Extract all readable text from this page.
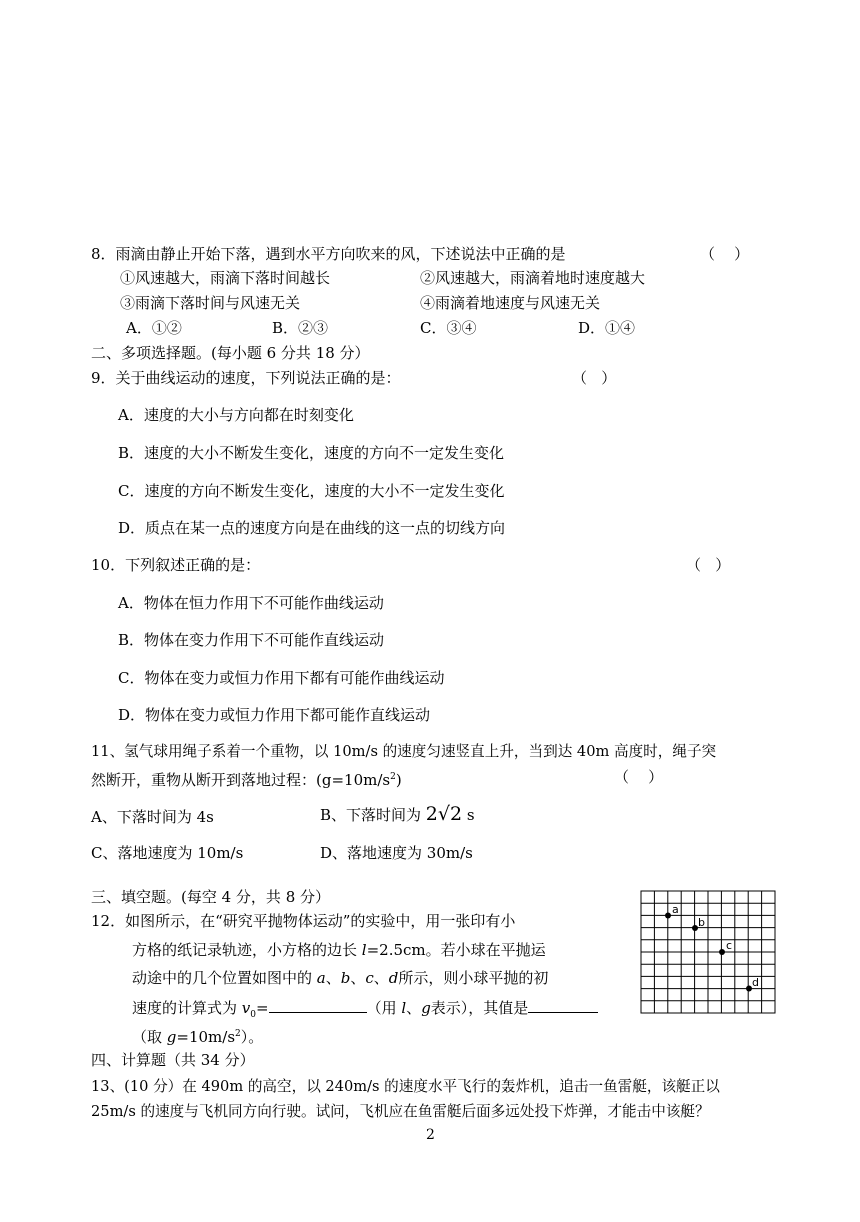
8．雨滴由静止开始下落，遇到水平方向吹来的风，下述说法中正确的是	（    ）
①风速越大，雨滴下落时间越长	②风速越大，雨滴着地时速度越大
③雨滴下落时间与风速无关	④雨滴着地速度与风速无关
A．①②	B．②③	C．③④	D．①④
二、多项选择题。(每小题 6 分共 18 分）
9．关于曲线运动的速度，下列说法正确的是：	（   ）
A．速度的大小与方向都在时刻变化
B．速度的大小不断发生变化，速度的方向不一定发生变化
C．速度的方向不断发生变化，速度的大小不一定发生变化
D．质点在某一点的速度方向是在曲线的这一点的切线方向
10．下列叙述正确的是：	（   ）
A．物体在恒力作用下不可能作曲线运动
B．物体在变力作用下不可能作直线运动
C．物体在变力或恒力作用下都有可能作曲线运动
D．物体在变力或恒力作用下都可能作直线运动
11、氢气球用绳子系着一个重物，以 10m/s 的速度匀速竖直上升，当到达 40m 高度时，绳子突
然断开，重物从断开到落地过程：$(g=10m/s^2)$	（    ）
A、下落时间为 4s	B、下落时间为 2√2 s
C、落地速度为 10m/s	D、落地速度为 30m/s
三、填空题。(每空 4 分，共 8 分）
12．如图所示，在“研究平抛物体运动”的实验中，用一张印有小
方格的纸记录轨迹，小方格的边长 l=2.5cm。若小球在平抛运
动途中的几个位置如图中的 a、b、c、d所示，则小球平抛的初
速度的计算式为 $v_0=$	（用 l、g表示），其值是
（取 $g=10m/s^2$）。
a
b
c
d
四、计算题（共 34 分）
13、(10 分）在 490m 的高空，以 240m/s 的速度水平飞行的轰炸机，追击一鱼雷艇，该艇正以
25m/s 的速度与飞机同方向行驶。试问，飞机应在鱼雷艇后面多远处投下炸弹，才能击中该艇？
2
